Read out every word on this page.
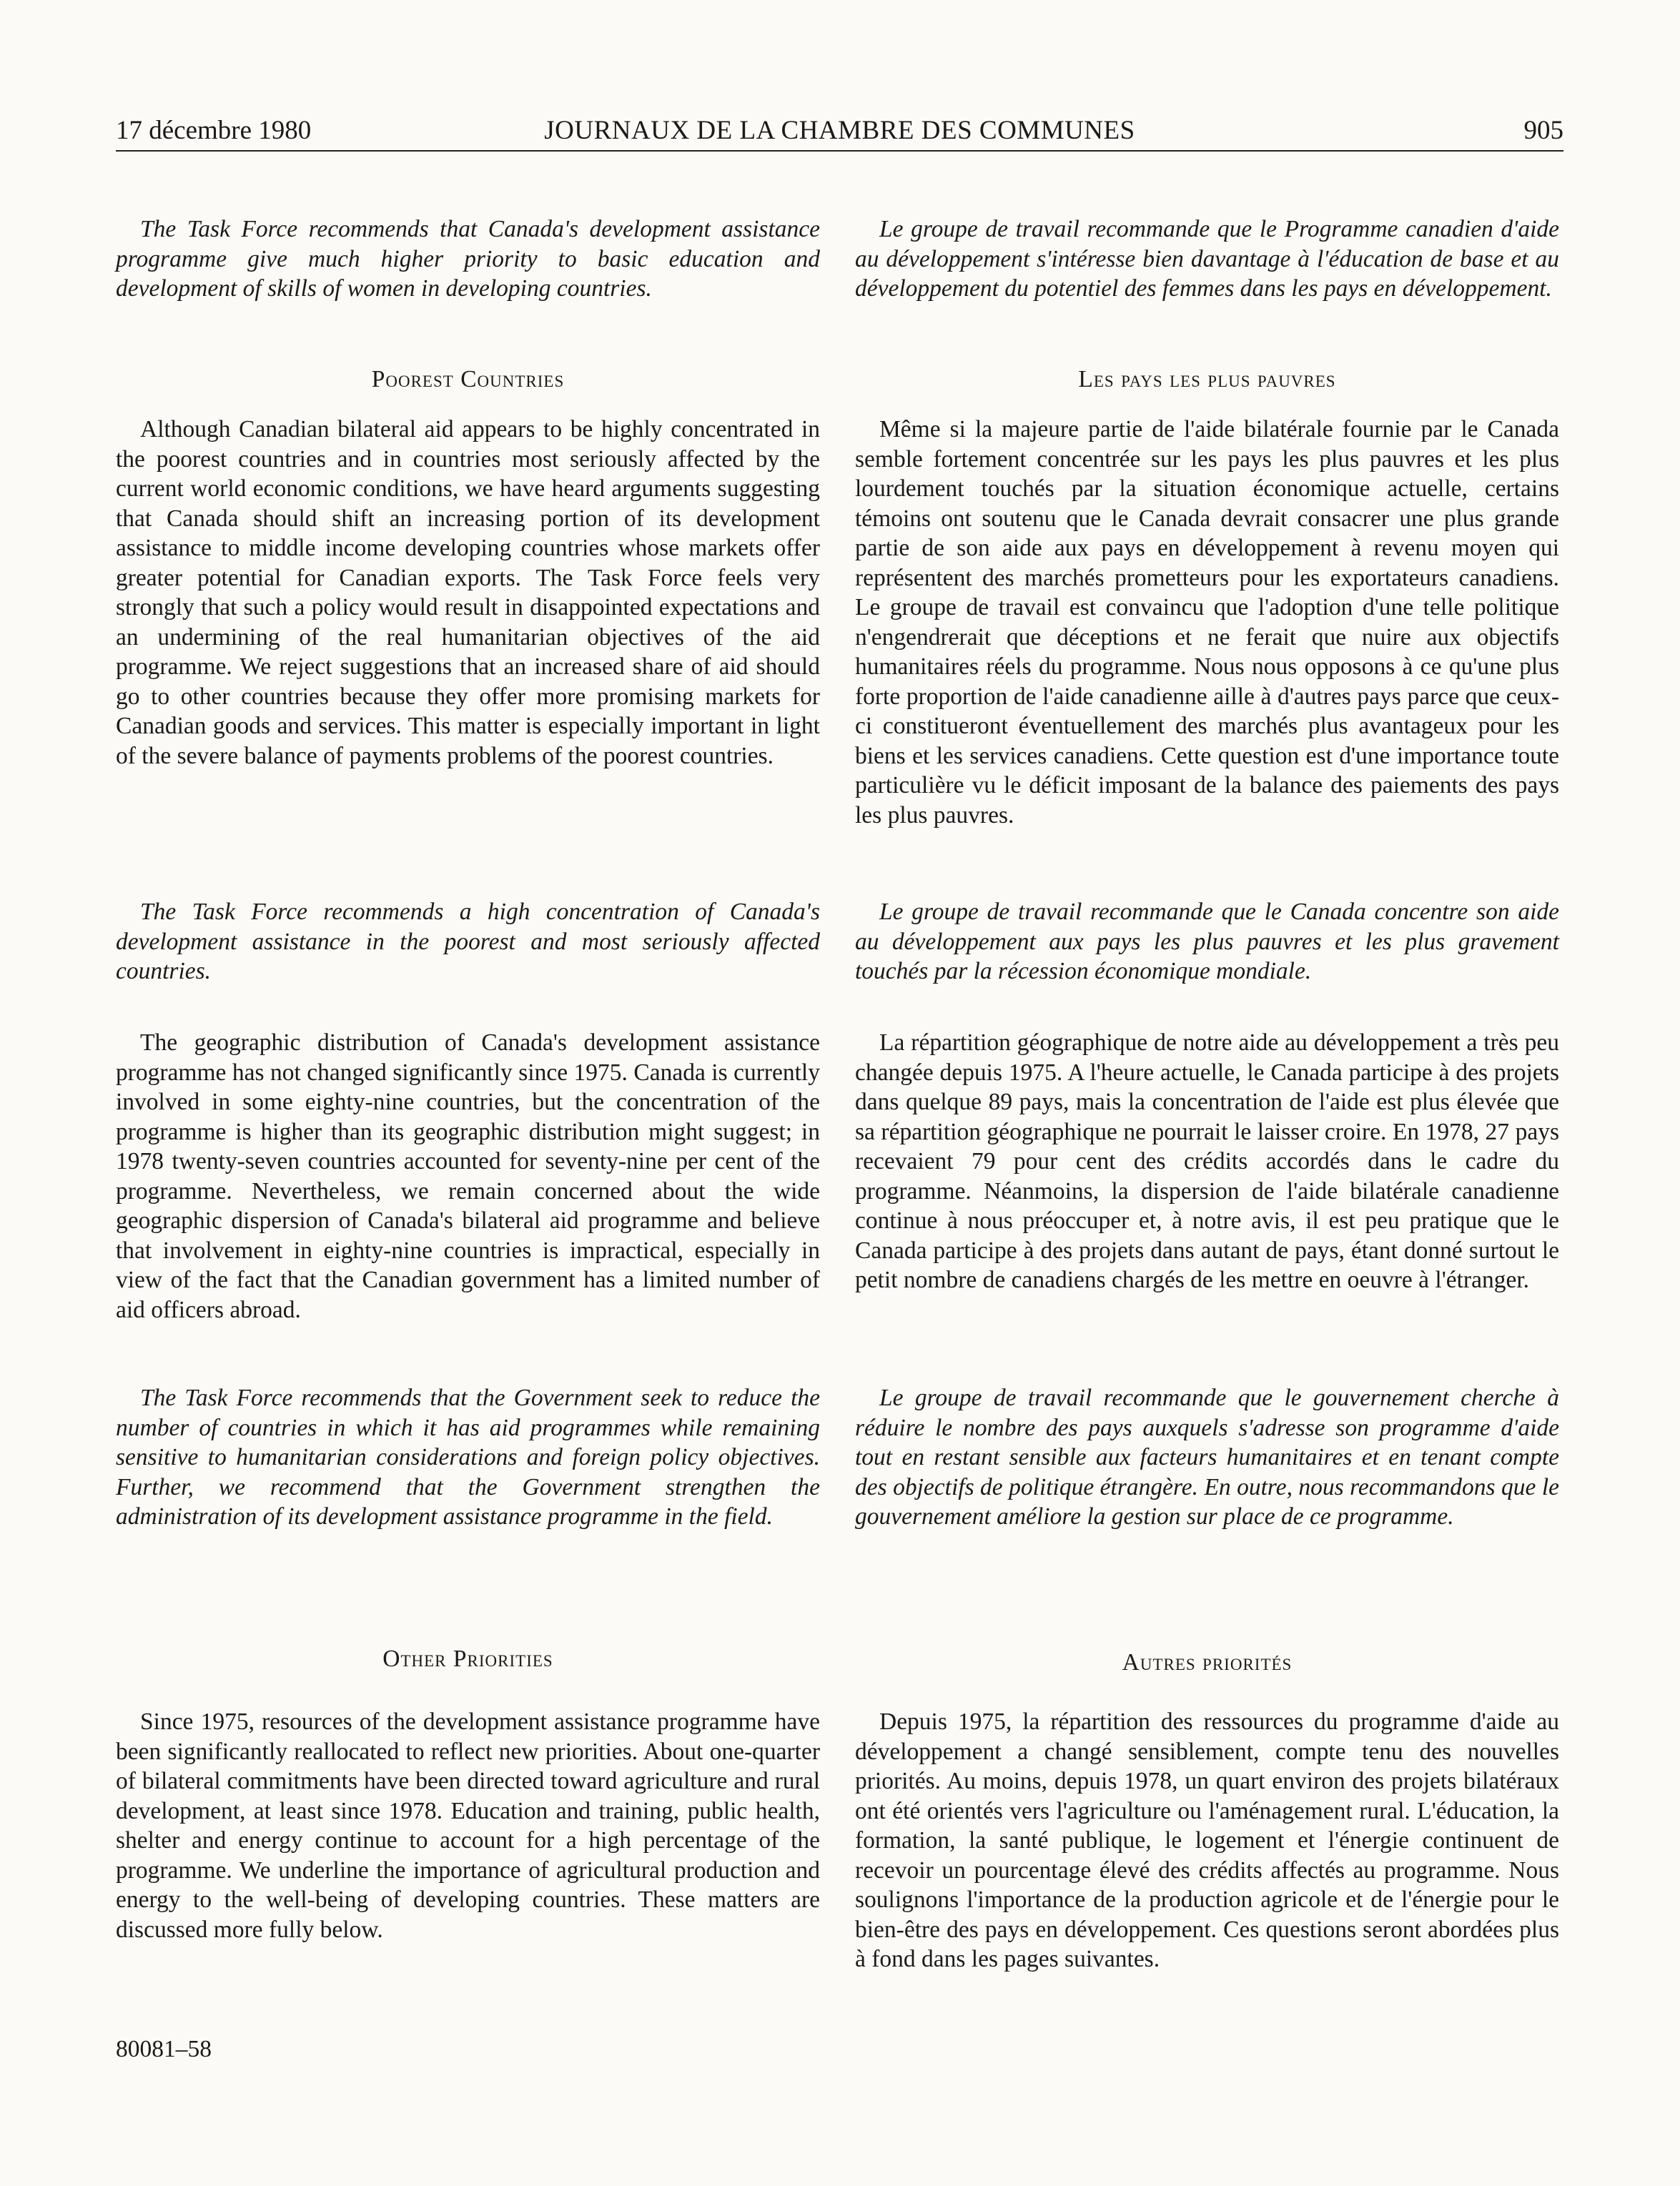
17 décembre 1980	JOURNAUX DE LA CHAMBRE DES COMMUNES	905

The Task Force recommends that Canada's development assistance programme give much higher priority to basic education and development of skills of women in developing countries.

Poorest Countries

Although Canadian bilateral aid appears to be highly concentrated in the poorest countries and in countries most seriously affected by the current world economic conditions, we have heard arguments suggesting that Canada should shift an increasing portion of its development assistance to middle income developing countries whose markets offer greater potential for Canadian exports. The Task Force feels very strongly that such a policy would result in disappointed expectations and an undermining of the real humanitarian objectives of the aid programme. We reject suggestions that an increased share of aid should go to other countries because they offer more promising markets for Canadian goods and services. This matter is especially important in light of the severe balance of payments problems of the poorest countries.

The Task Force recommends a high concentration of Canada's development assistance in the poorest and most seriously affected countries.

The geographic distribution of Canada's development assistance programme has not changed significantly since 1975. Canada is currently involved in some eighty-nine countries, but the concentration of the programme is higher than its geographic distribution might suggest; in 1978 twenty-seven countries accounted for seventy-nine per cent of the programme. Nevertheless, we remain concerned about the wide geographic dispersion of Canada's bilateral aid programme and believe that involvement in eighty-nine countries is impractical, especially in view of the fact that the Canadian government has a limited number of aid officers abroad.

The Task Force recommends that the Government seek to reduce the number of countries in which it has aid programmes while remaining sensitive to humanitarian considerations and foreign policy objectives. Further, we recommend that the Government strengthen the administration of its development assistance programme in the field.

Other Priorities

Since 1975, resources of the development assistance programme have been significantly reallocated to reflect new priorities. About one-quarter of bilateral commitments have been directed toward agriculture and rural development, at least since 1978. Education and training, public health, shelter and energy continue to account for a high percentage of the programme. We underline the importance of agricultural production and energy to the well-being of developing countries. These matters are discussed more fully below.

Le groupe de travail recommande que le Programme canadien d'aide au développement s'intéresse bien davantage à l'éducation de base et au développement du potentiel des femmes dans les pays en développement.

Les pays les plus pauvres

Même si la majeure partie de l'aide bilatérale fournie par le Canada semble fortement concentrée sur les pays les plus pauvres et les plus lourdement touchés par la situation économique actuelle, certains témoins ont soutenu que le Canada devrait consacrer une plus grande partie de son aide aux pays en développement à revenu moyen qui représentent des marchés prometteurs pour les exportateurs canadiens. Le groupe de travail est convaincu que l'adoption d'une telle politique n'engendrerait que déceptions et ne ferait que nuire aux objectifs humanitaires réels du programme. Nous nous opposons à ce qu'une plus forte proportion de l'aide canadienne aille à d'autres pays parce que ceux-ci constitueront éventuellement des marchés plus avantageux pour les biens et les services canadiens. Cette question est d'une importance toute particulière vu le déficit imposant de la balance des paiements des pays les plus pauvres.

Le groupe de travail recommande que le Canada concentre son aide au développement aux pays les plus pauvres et les plus gravement touchés par la récession économique mondiale.

La répartition géographique de notre aide au développement a très peu changée depuis 1975. A l'heure actuelle, le Canada participe à des projets dans quelque 89 pays, mais la concentration de l'aide est plus élevée que sa répartition géographique ne pourrait le laisser croire. En 1978, 27 pays recevaient 79 pour cent des crédits accordés dans le cadre du programme. Néanmoins, la dispersion de l'aide bilatérale canadienne continue à nous préoccuper et, à notre avis, il est peu pratique que le Canada participe à des projets dans autant de pays, étant donné surtout le petit nombre de canadiens chargés de les mettre en oeuvre à l'étranger.

Le groupe de travail recommande que le gouvernement cherche à réduire le nombre des pays auxquels s'adresse son programme d'aide tout en restant sensible aux facteurs humanitaires et en tenant compte des objectifs de politique étrangère. En outre, nous recommandons que le gouvernement améliore la gestion sur place de ce programme.

Autres priorités

Depuis 1975, la répartition des ressources du programme d'aide au développement a changé sensiblement, compte tenu des nouvelles priorités. Au moins, depuis 1978, un quart environ des projets bilatéraux ont été orientés vers l'agriculture ou l'aménagement rural. L'éducation, la formation, la santé publique, le logement et l'énergie continuent de recevoir un pourcentage élevé des crédits affectés au programme. Nous soulignons l'importance de la production agricole et de l'énergie pour le bien-être des pays en développement. Ces questions seront abordées plus à fond dans les pages suivantes.

80081–58
